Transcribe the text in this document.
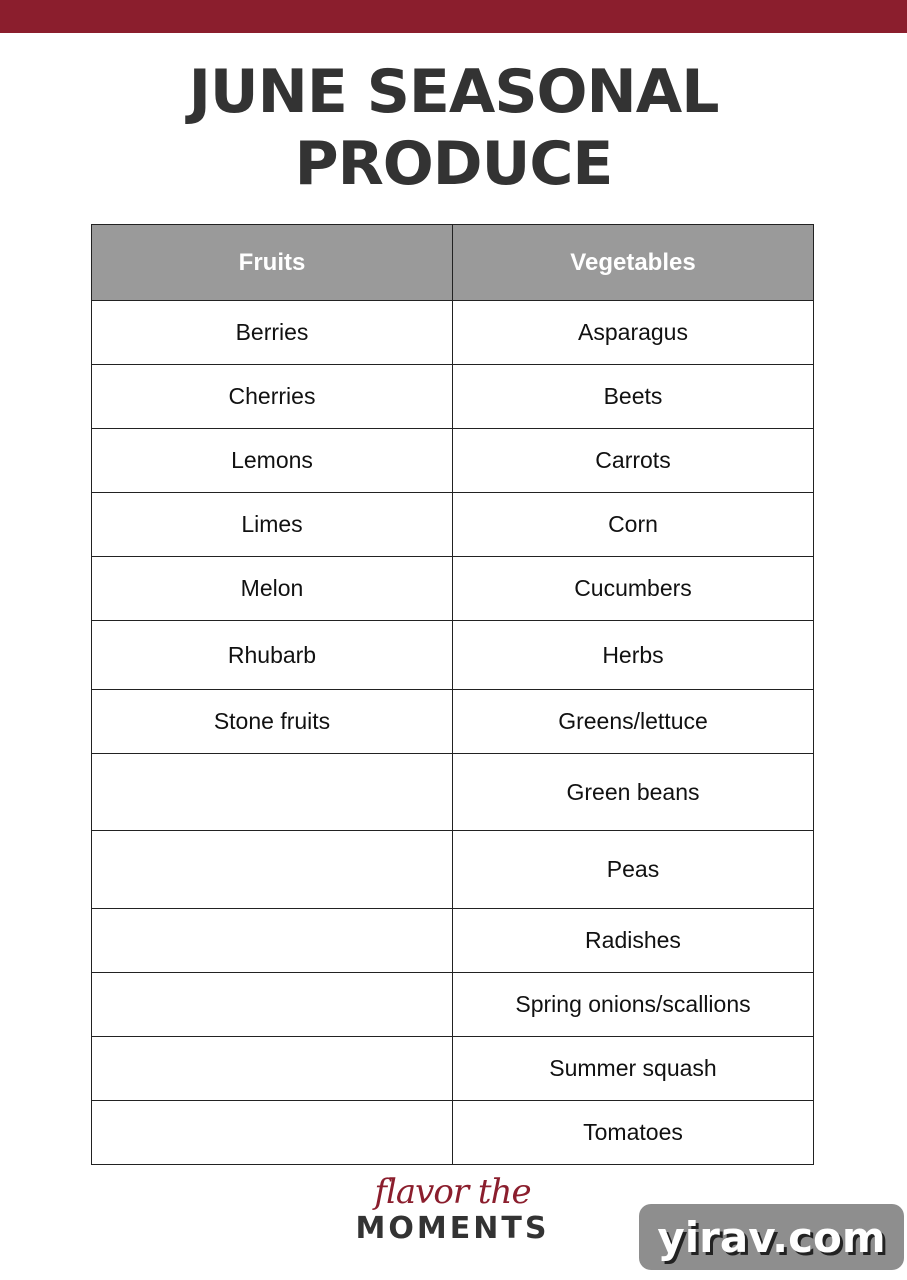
JUNE SEASONAL
PRODUCE
Fruits	Vegetables
Berries	Asparagus
Cherries	Beets
Lemons	Carrots
Limes	Corn
Melon	Cucumbers
Rhubarb	Herbs
Stone fruits	Greens/lettuce
	Green beans
	Peas
	Radishes
	Spring onions/scallions
	Summer squash
	Tomatoes
flavor the
MOMENTS	yirav.com
